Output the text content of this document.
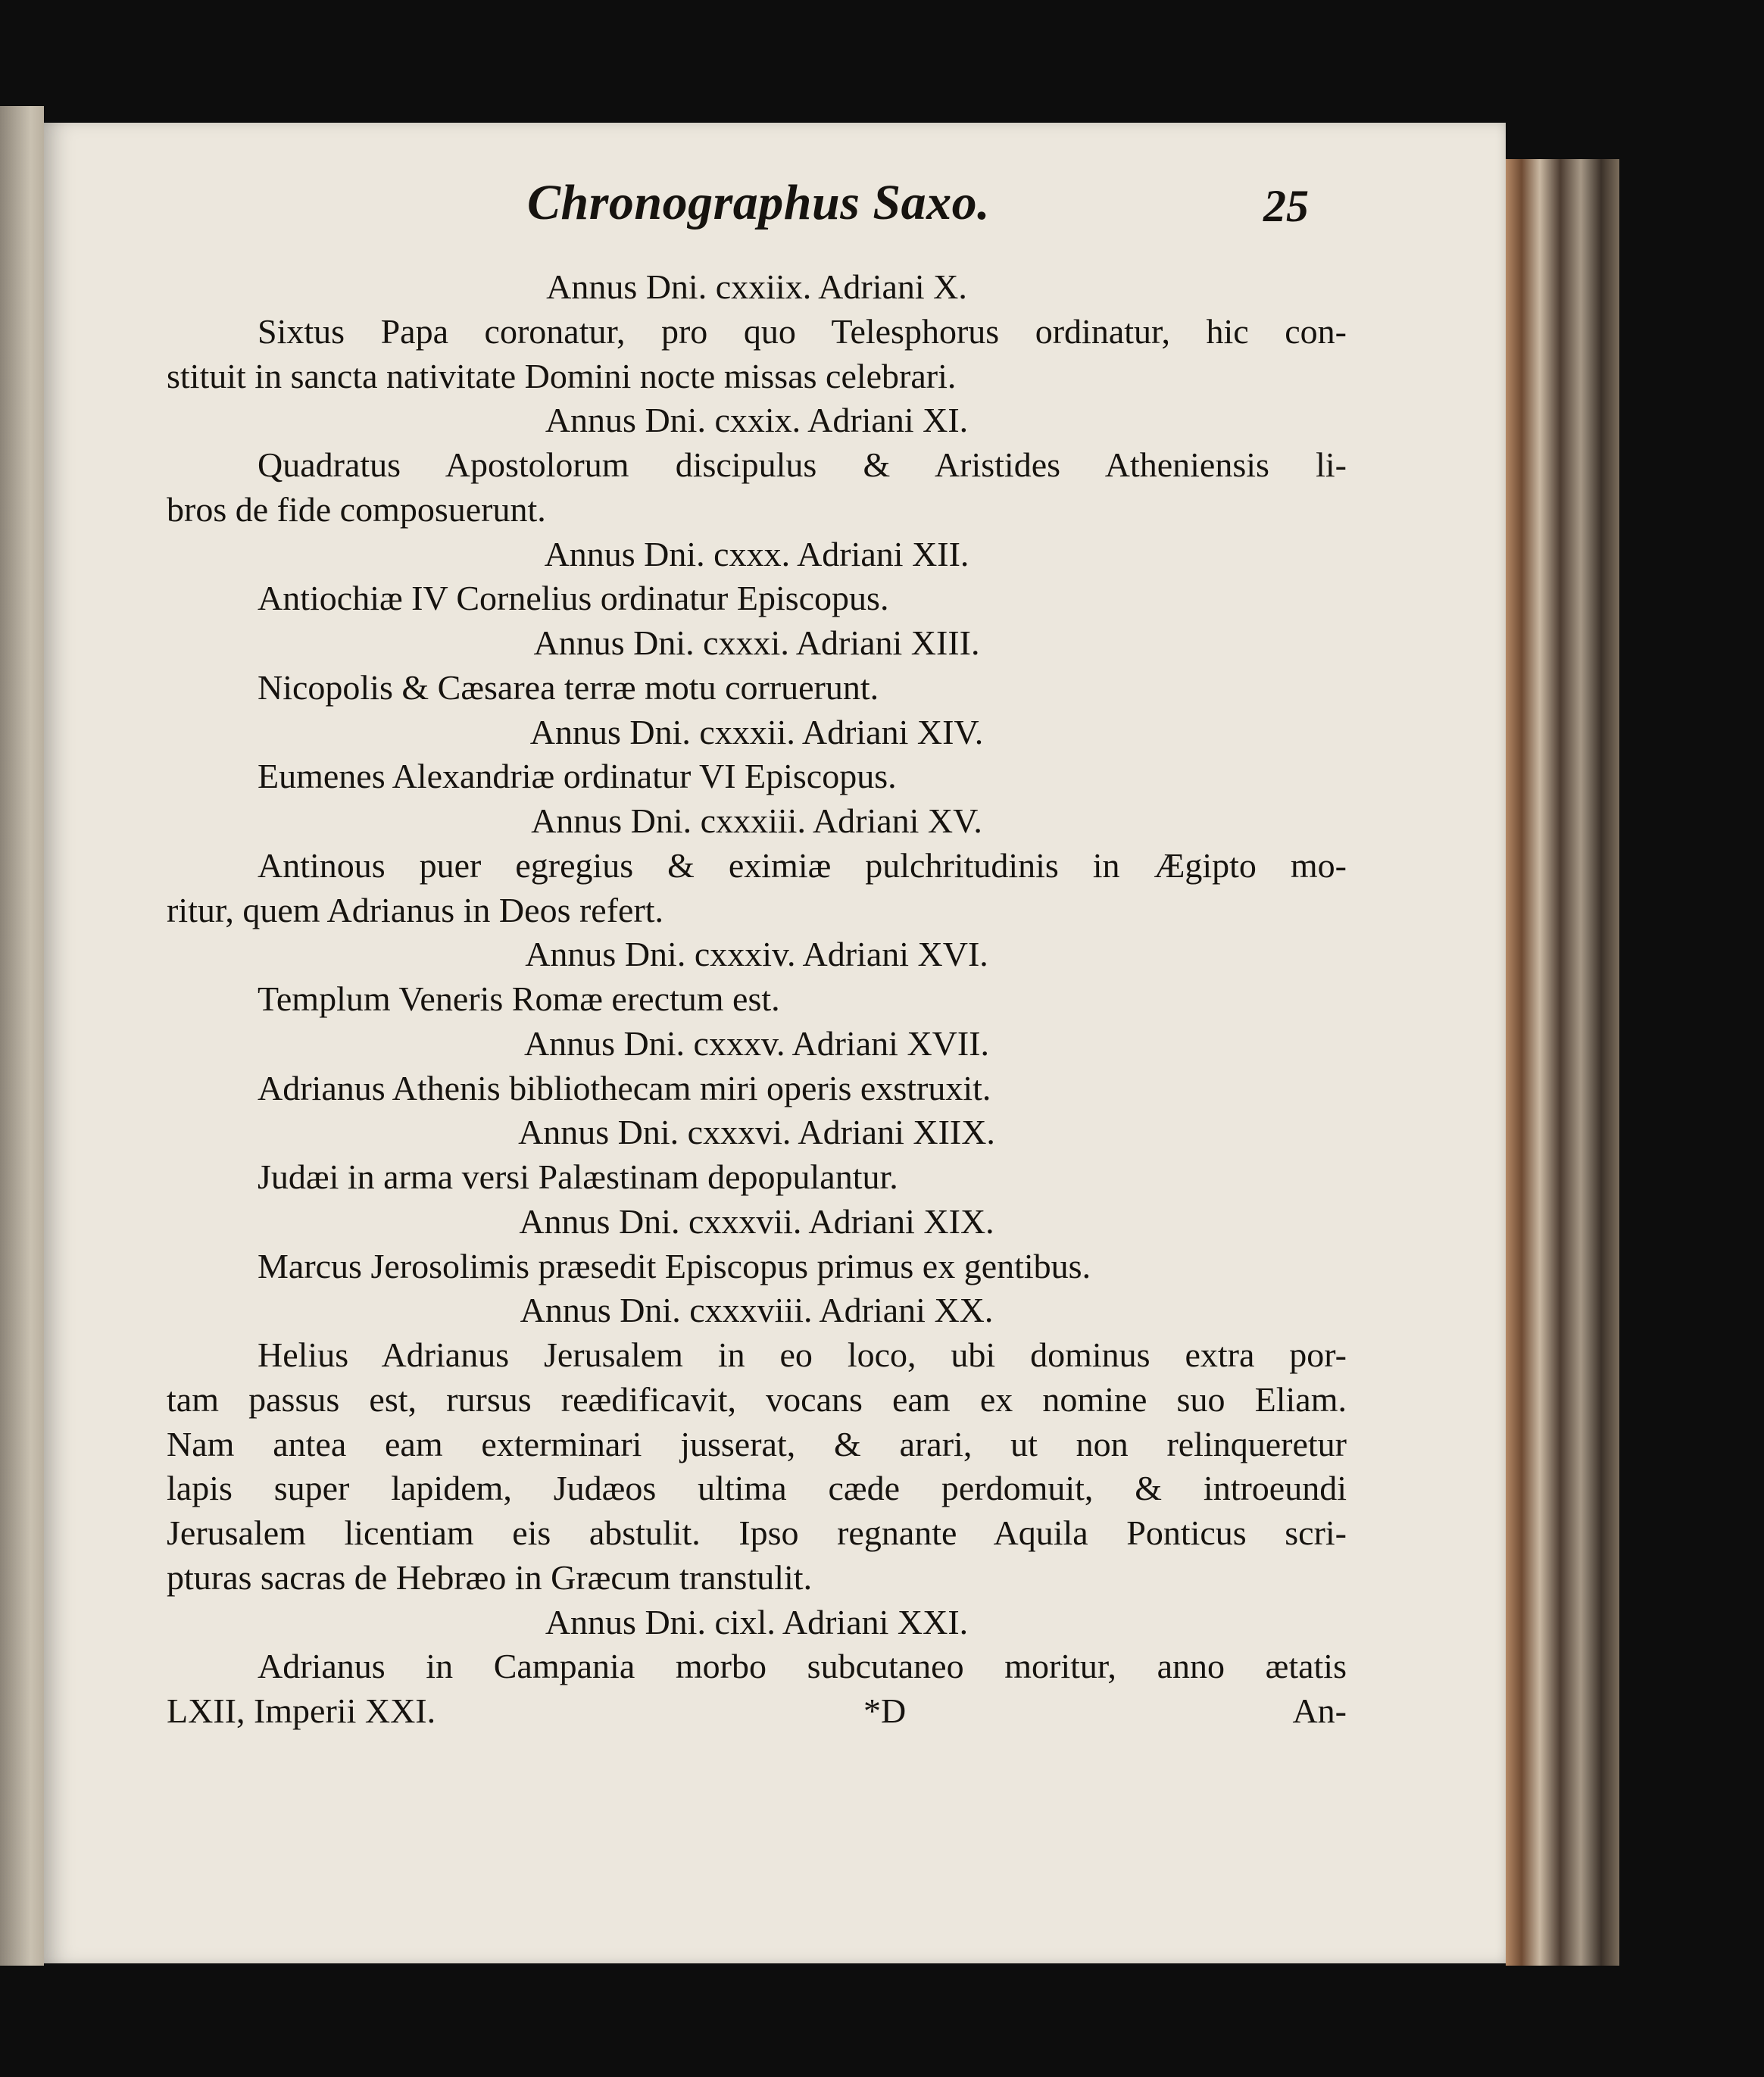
Chronographus Saxo.	25
Annus Dni. cxxiix. Adriani X.
Sixtus Papa coronatur, pro quo Telesphorus ordinatur, hic con-
stituit in sancta nativitate Domini nocte missas celebrari.
Annus Dni. cxxix. Adriani XI.
Quadratus Apostolorum discipulus & Aristides Atheniensis li-
bros de fide composuerunt.
Annus Dni. cxxx. Adriani XII.
Antiochiæ IV Cornelius ordinatur Episcopus.
Annus Dni. cxxxi. Adriani XIII.
Nicopolis & Cæsarea terræ motu corruerunt.
Annus Dni. cxxxii. Adriani XIV.
Eumenes Alexandriæ ordinatur VI Episcopus.
Annus Dni. cxxxiii. Adriani XV.
Antinous puer egregius & eximiæ pulchritudinis in Ægipto mo-
ritur, quem Adrianus in Deos refert.
Annus Dni. cxxxiv. Adriani XVI.
Templum Veneris Romæ erectum est.
Annus Dni. cxxxv. Adriani XVII.
Adrianus Athenis bibliothecam miri operis exstruxit.
Annus Dni. cxxxvi. Adriani XIIX.
Judæi in arma versi Palæstinam depopulantur.
Annus Dni. cxxxvii. Adriani XIX.
Marcus Jerosolimis præsedit Episcopus primus ex gentibus.
Annus Dni. cxxxviii. Adriani XX.
Helius Adrianus Jerusalem in eo loco, ubi dominus extra por-
tam passus est, rursus reædificavit, vocans eam ex nomine suo Eliam.
Nam antea eam exterminari jusserat, & arari, ut non relinqueretur
lapis super lapidem, Judæos ultima cæde perdomuit, & introeundi
Jerusalem licentiam eis abstulit. Ipso regnante Aquila Ponticus scri-
pturas sacras de Hebræo in Græcum transtulit.
Annus Dni. cixl. Adriani XXI.
Adrianus in Campania morbo subcutaneo moritur, anno ætatis
LXII, Imperii XXI.	*D	An-
